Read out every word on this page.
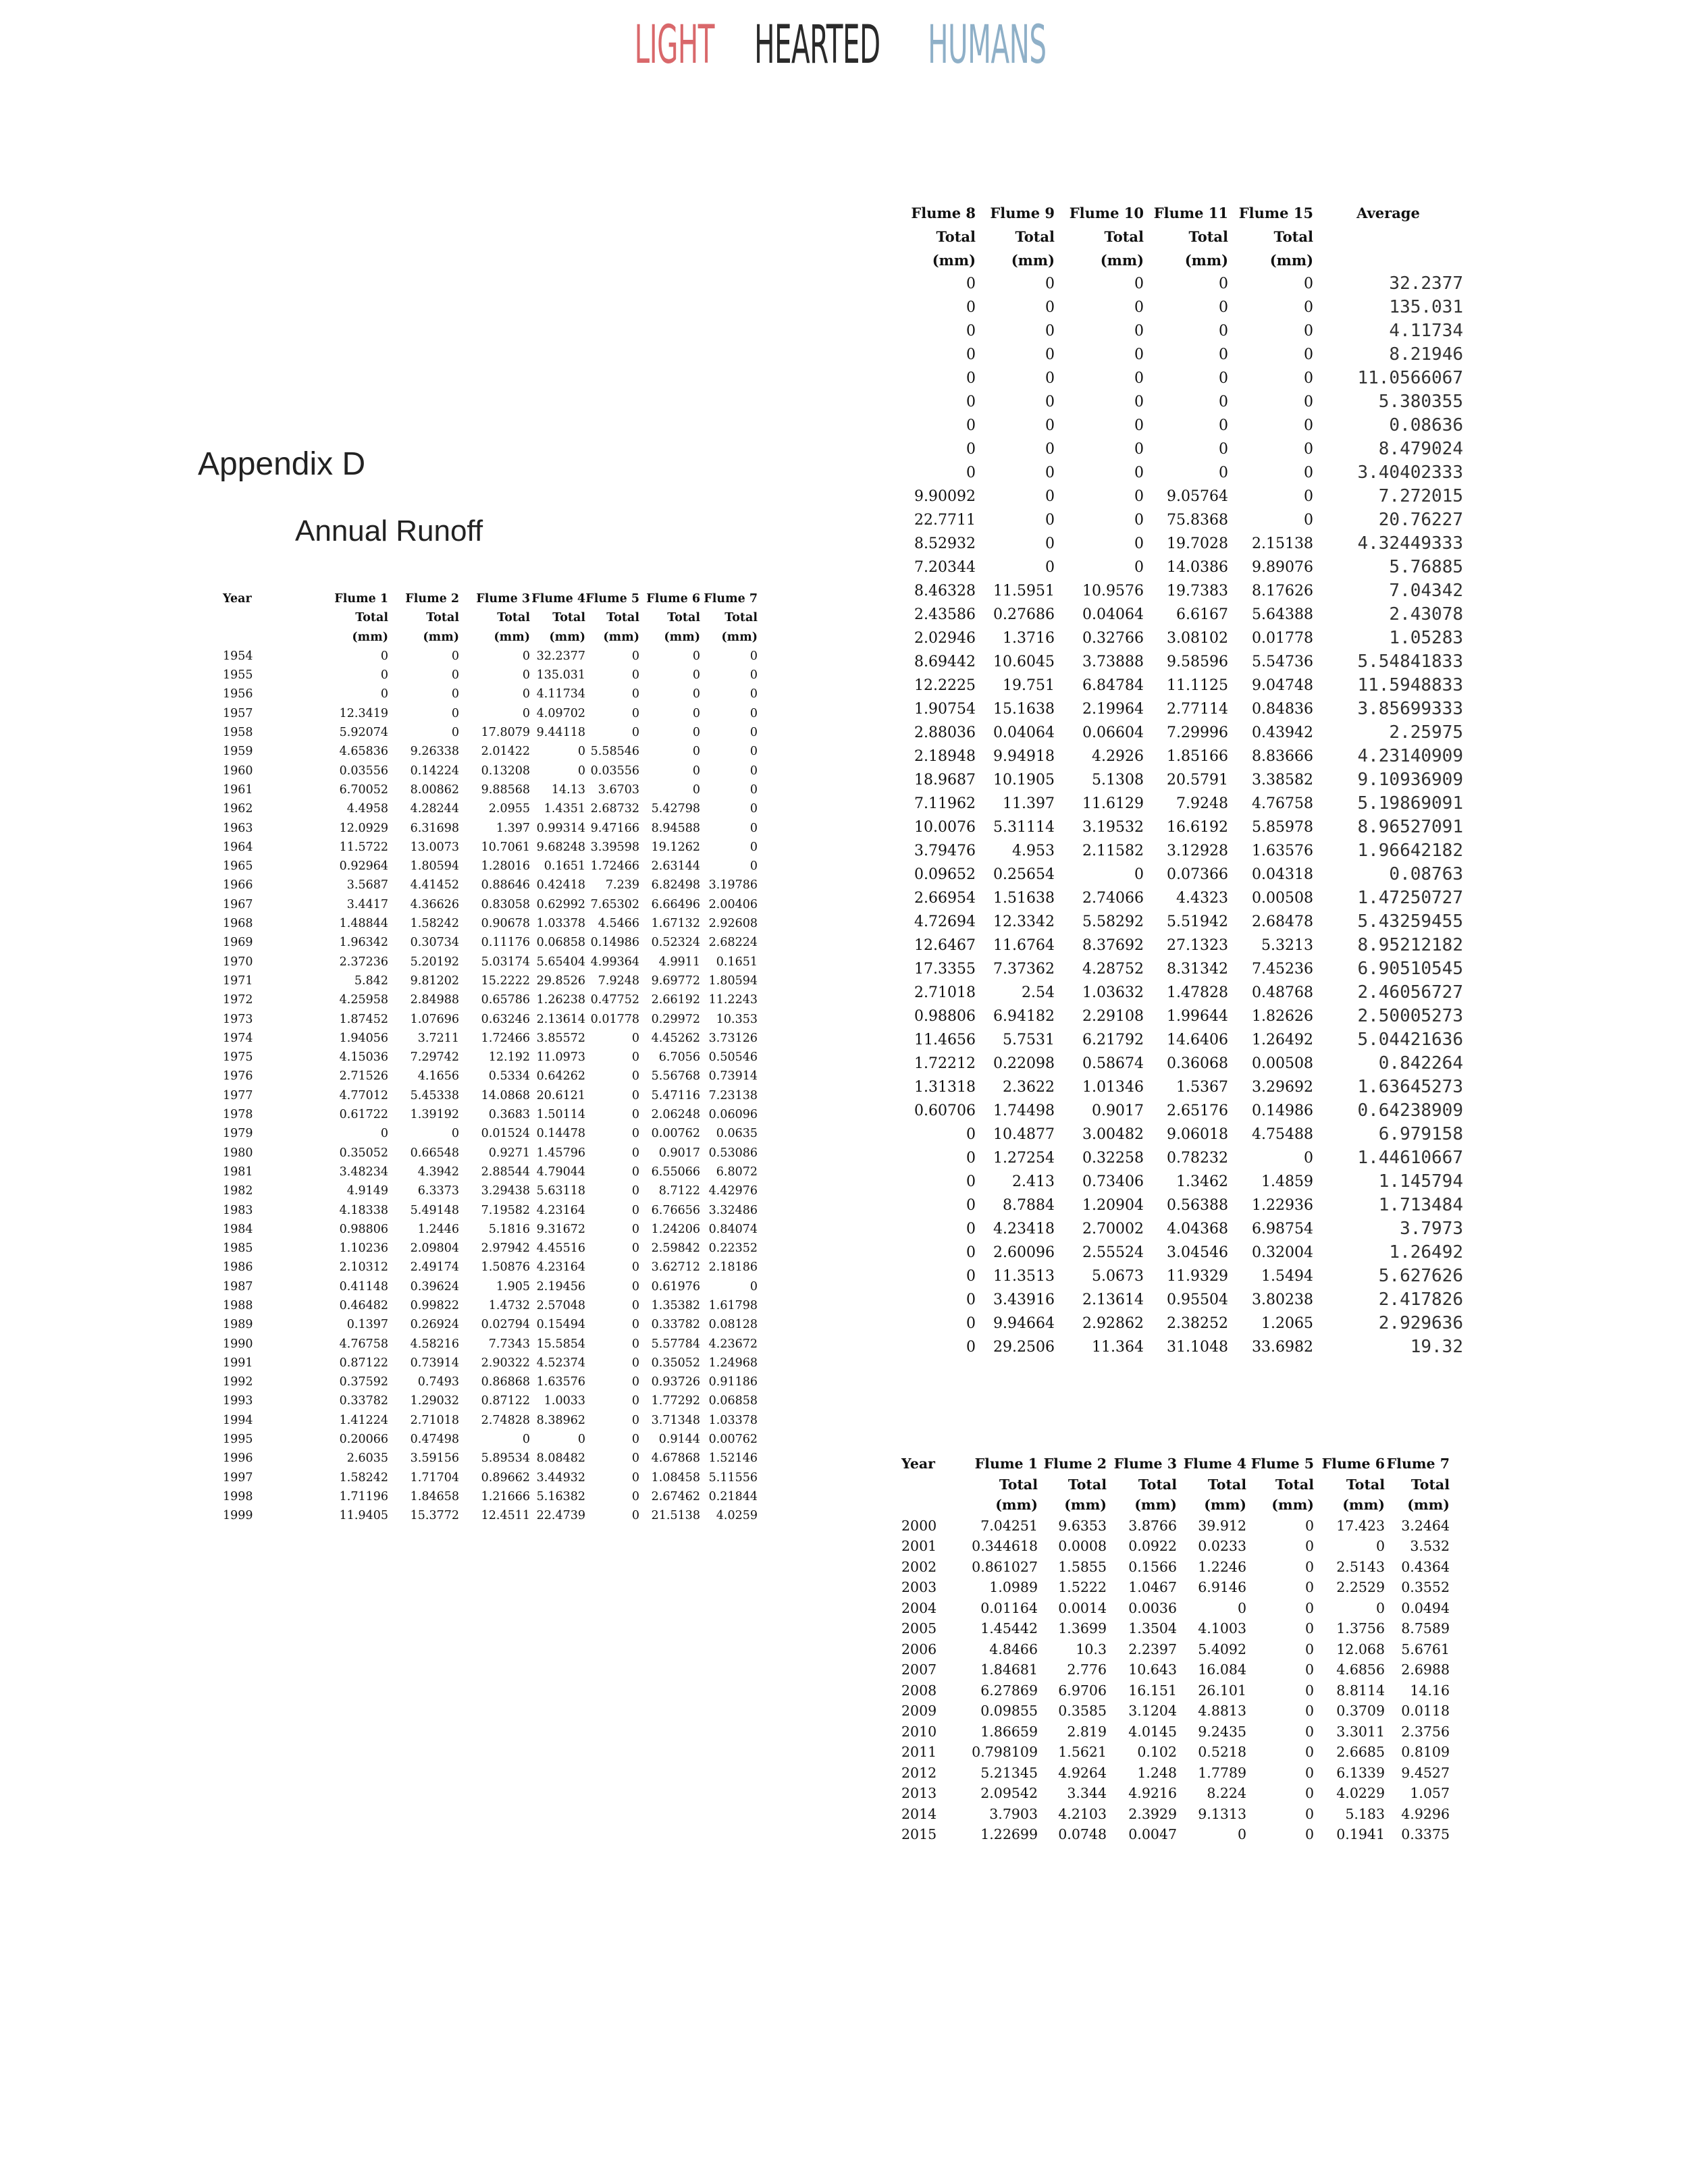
LIGHT HEARTED HUMANS
Appendix D
Annual Runoff
Year	Flume 1	Flume 2	Flume 3	Flume 4	Flume 5	Flume 6	Flume 7
	Total	Total	Total	Total	Total	Total	Total
	(mm)	(mm)	(mm)	(mm)	(mm)	(mm)	(mm)
1954	0	0	0	32.2377	0	0	0
1955	0	0	0	135.031	0	0	0
1956	0	0	0	4.11734	0	0	0
1957	12.3419	0	0	4.09702	0	0	0
1958	5.92074	0	17.8079	9.44118	0	0	0
1959	4.65836	9.26338	2.01422	0	5.58546	0	0
1960	0.03556	0.14224	0.13208	0	0.03556	0	0
1961	6.70052	8.00862	9.88568	14.13	3.6703	0	0
1962	4.4958	4.28244	2.0955	1.4351	2.68732	5.42798	0
1963	12.0929	6.31698	1.397	0.99314	9.47166	8.94588	0
1964	11.5722	13.0073	10.7061	9.68248	3.39598	19.1262	0
1965	0.92964	1.80594	1.28016	0.1651	1.72466	2.63144	0
1966	3.5687	4.41452	0.88646	0.42418	7.239	6.82498	3.19786
1967	3.4417	4.36626	0.83058	0.62992	7.65302	6.66496	2.00406
1968	1.48844	1.58242	0.90678	1.03378	4.5466	1.67132	2.92608
1969	1.96342	0.30734	0.11176	0.06858	0.14986	0.52324	2.68224
1970	2.37236	5.20192	5.03174	5.65404	4.99364	4.9911	0.1651
1971	5.842	9.81202	15.2222	29.8526	7.9248	9.69772	1.80594
1972	4.25958	2.84988	0.65786	1.26238	0.47752	2.66192	11.2243
1973	1.87452	1.07696	0.63246	2.13614	0.01778	0.29972	10.353
1974	1.94056	3.7211	1.72466	3.85572	0	4.45262	3.73126
1975	4.15036	7.29742	12.192	11.0973	0	6.7056	0.50546
1976	2.71526	4.1656	0.5334	0.64262	0	5.56768	0.73914
1977	4.77012	5.45338	14.0868	20.6121	0	5.47116	7.23138
1978	0.61722	1.39192	0.3683	1.50114	0	2.06248	0.06096
1979	0	0	0.01524	0.14478	0	0.00762	0.0635
1980	0.35052	0.66548	0.9271	1.45796	0	0.9017	0.53086
1981	3.48234	4.3942	2.88544	4.79044	0	6.55066	6.8072
1982	4.9149	6.3373	3.29438	5.63118	0	8.7122	4.42976
1983	4.18338	5.49148	7.19582	4.23164	0	6.76656	3.32486
1984	0.98806	1.2446	5.1816	9.31672	0	1.24206	0.84074
1985	1.10236	2.09804	2.97942	4.45516	0	2.59842	0.22352
1986	2.10312	2.49174	1.50876	4.23164	0	3.62712	2.18186
1987	0.41148	0.39624	1.905	2.19456	0	0.61976	0
1988	0.46482	0.99822	1.4732	2.57048	0	1.35382	1.61798
1989	0.1397	0.26924	0.02794	0.15494	0	0.33782	0.08128
1990	4.76758	4.58216	7.7343	15.5854	0	5.57784	4.23672
1991	0.87122	0.73914	2.90322	4.52374	0	0.35052	1.24968
1992	0.37592	0.7493	0.86868	1.63576	0	0.93726	0.91186
1993	0.33782	1.29032	0.87122	1.0033	0	1.77292	0.06858
1994	1.41224	2.71018	2.74828	8.38962	0	3.71348	1.03378
1995	0.20066	0.47498	0	0	0	0.9144	0.00762
1996	2.6035	3.59156	5.89534	8.08482	0	4.67868	1.52146
1997	1.58242	1.71704	0.89662	3.44932	0	1.08458	5.11556
1998	1.71196	1.84658	1.21666	5.16382	0	2.67462	0.21844
1999	11.9405	15.3772	12.4511	22.4739	0	21.5138	4.0259
Flume 8	Flume 9	Flume 10	Flume 11	Flume 15	Average
Total	Total	Total	Total	Total	
(mm)	(mm)	(mm)	(mm)	(mm)	
0	0	0	0	0	32.2377
0	0	0	0	0	135.031
0	0	0	0	0	4.11734
0	0	0	0	0	8.21946
0	0	0	0	0	11.0566067
0	0	0	0	0	5.380355
0	0	0	0	0	0.08636
0	0	0	0	0	8.479024
0	0	0	0	0	3.40402333
9.90092	0	0	9.05764	0	7.272015
22.7711	0	0	75.8368	0	20.76227
8.52932	0	0	19.7028	2.15138	4.32449333
7.20344	0	0	14.0386	9.89076	5.76885
8.46328	11.5951	10.9576	19.7383	8.17626	7.04342
2.43586	0.27686	0.04064	6.6167	5.64388	2.43078
2.02946	1.3716	0.32766	3.08102	0.01778	1.05283
8.69442	10.6045	3.73888	9.58596	5.54736	5.54841833
12.2225	19.751	6.84784	11.1125	9.04748	11.5948833
1.90754	15.1638	2.19964	2.77114	0.84836	3.85699333
2.88036	0.04064	0.06604	7.29996	0.43942	2.25975
2.18948	9.94918	4.2926	1.85166	8.83666	4.23140909
18.9687	10.1905	5.1308	20.5791	3.38582	9.10936909
7.11962	11.397	11.6129	7.9248	4.76758	5.19869091
10.0076	5.31114	3.19532	16.6192	5.85978	8.96527091
3.79476	4.953	2.11582	3.12928	1.63576	1.96642182
0.09652	0.25654	0	0.07366	0.04318	0.08763
2.66954	1.51638	2.74066	4.4323	0.00508	1.47250727
4.72694	12.3342	5.58292	5.51942	2.68478	5.43259455
12.6467	11.6764	8.37692	27.1323	5.3213	8.95212182
17.3355	7.37362	4.28752	8.31342	7.45236	6.90510545
2.71018	2.54	1.03632	1.47828	0.48768	2.46056727
0.98806	6.94182	2.29108	1.99644	1.82626	2.50005273
11.4656	5.7531	6.21792	14.6406	1.26492	5.04421636
1.72212	0.22098	0.58674	0.36068	0.00508	0.842264
1.31318	2.3622	1.01346	1.5367	3.29692	1.63645273
0.60706	1.74498	0.9017	2.65176	0.14986	0.64238909
0	10.4877	3.00482	9.06018	4.75488	6.979158
0	1.27254	0.32258	0.78232	0	1.44610667
0	2.413	0.73406	1.3462	1.4859	1.145794
0	8.7884	1.20904	0.56388	1.22936	1.713484
0	4.23418	2.70002	4.04368	6.98754	3.7973
0	2.60096	2.55524	3.04546	0.32004	1.26492
0	11.3513	5.0673	11.9329	1.5494	5.627626
0	3.43916	2.13614	0.95504	3.80238	2.417826
0	9.94664	2.92862	2.38252	1.2065	2.929636
0	29.2506	11.364	31.1048	33.6982	19.32
Year	Flume 1	Flume 2	Flume 3	Flume 4	Flume 5	Flume 6	Flume 7
	Total	Total	Total	Total	Total	Total	Total
	(mm)	(mm)	(mm)	(mm)	(mm)	(mm)	(mm)
2000	7.04251	9.6353	3.8766	39.912	0	17.423	3.2464
2001	0.344618	0.0008	0.0922	0.0233	0	0	3.532
2002	0.861027	1.5855	0.1566	1.2246	0	2.5143	0.4364
2003	1.0989	1.5222	1.0467	6.9146	0	2.2529	0.3552
2004	0.01164	0.0014	0.0036	0	0	0	0.0494
2005	1.45442	1.3699	1.3504	4.1003	0	1.3756	8.7589
2006	4.8466	10.3	2.2397	5.4092	0	12.068	5.6761
2007	1.84681	2.776	10.643	16.084	0	4.6856	2.6988
2008	6.27869	6.9706	16.151	26.101	0	8.8114	14.16
2009	0.09855	0.3585	3.1204	4.8813	0	0.3709	0.0118
2010	1.86659	2.819	4.0145	9.2435	0	3.3011	2.3756
2011	0.798109	1.5621	0.102	0.5218	0	2.6685	0.8109
2012	5.21345	4.9264	1.248	1.7789	0	6.1339	9.4527
2013	2.09542	3.344	4.9216	8.224	0	4.0229	1.057
2014	3.7903	4.2103	2.3929	9.1313	0	5.183	4.9296
2015	1.22699	0.0748	0.0047	0	0	0.1941	0.3375
